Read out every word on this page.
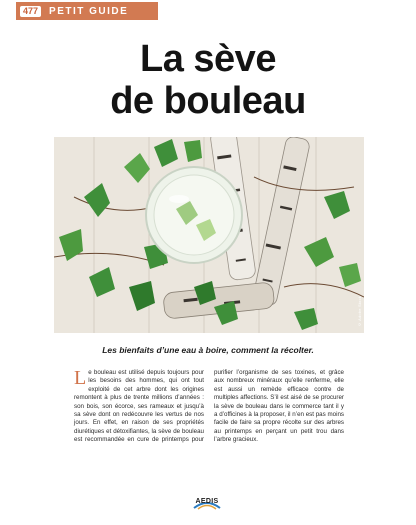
477	PETIT GUIDE
La sève
de bouleau
© Adobe Stock
Les bienfaits d’une eau à boire, comment la récolter.

Le bouleau est utilisé depuis toujours pour les besoins des hommes, qui ont tout exploité de cet arbre dont les origines remontent à plus de trente millions d’années : son bois, son écorce, ses rameaux et jusqu’à sa sève dont on redécouvre les vertus de nos jours. En effet, en raison de ses propriétés diurétiques et détoxifiantes, la sève de bouleau est recommandée en cure de printemps pour purifier l’organisme de ses toxines, et grâce aux nombreux minéraux qu’elle renferme, elle est aussi un remède efficace contre de multiples affections. S’il est aisé de se procurer la sève de bouleau dans le commerce tant il y a d’officines à la proposer, il n’en est pas moins facile de faire sa propre récolte sur des arbres au printemps en perçant un petit trou dans l’arbre gracieux.

AEDIS
